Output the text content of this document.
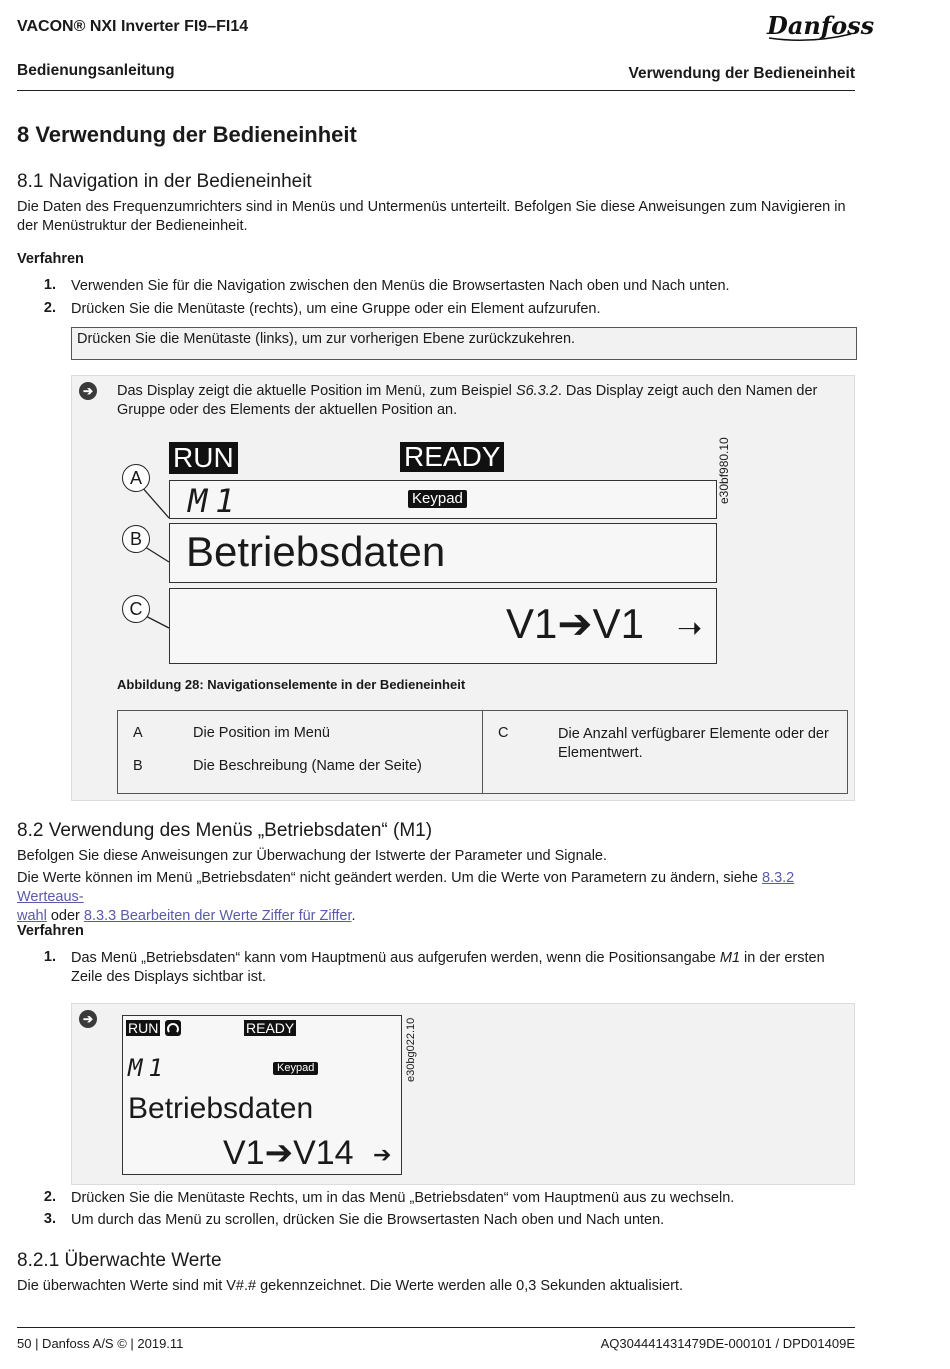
VACON® NXI Inverter FI9–FI14	Danfoss
Bedienungsanleitung	Verwendung der Bedieneinheit
8 Verwendung der Bedieneinheit
8.1 Navigation in der Bedieneinheit

Die Daten des Frequenzumrichters sind in Menüs und Untermenüs unterteilt. Befolgen Sie diese Anweisungen zum Navigieren in der Menüstruktur der Bedieneinheit.

Verfahren
1. Verwenden Sie für die Navigation zwischen den Menüs die Browsertasten Nach oben und Nach unten.
2. Drücken Sie die Menütaste (rechts), um eine Gruppe oder ein Element aufzurufen.
Drücken Sie die Menütaste (links), um zur vorherigen Ebene zurückzukehren.
➔ Das Display zeigt die aktuelle Position im Menü, zum Beispiel S6.3.2. Das Display zeigt auch den Namen der Gruppe oder des Elements der aktuellen Position an.
RUN	READY	e30bf980.10
M1	Keypad
Betriebsdaten
V1➔V1 ➝
A
B
C
Abbildung 28: Navigationselemente in der Bedieneinheit
A	Die Position im Menü
B	Die Beschreibung (Name der Seite)

C	Die Anzahl verfügbarer Elemente oder der Elementwert.
8.2 Verwendung des Menüs „Betriebsdaten“ (M1)

Befolgen Sie diese Anweisungen zur Überwachung der Istwerte der Parameter und Signale.

Die Werte können im Menü „Betriebsdaten“ nicht geändert werden. Um die Werte von Parametern zu ändern, siehe 8.3.2 Werteaus-
wahl oder 8.3.3 Bearbeiten der Werte Ziffer für Ziffer.

Verfahren
1. Das Menü „Betriebsdaten“ kann vom Hauptmenü aus aufgerufen werden, wenn die Positionsangabe M1 in der ersten Zeile des Displays sichtbar ist.
➔
RUN	READY
M1	Keypad
Betriebsdaten
V1➔V14 ➔
e30bg022.10
2. Drücken Sie die Menütaste Rechts, um in das Menü „Betriebsdaten“ vom Hauptmenü aus zu wechseln.
3. Um durch das Menü zu scrollen, drücken Sie die Browsertasten Nach oben und Nach unten.
8.2.1 Überwachte Werte

Die überwachten Werte sind mit V#.# gekennzeichnet. Die Werte werden alle 0,3 Sekunden aktualisiert.

50 | Danfoss A/S © | 2019.11	AQ304441431479DE-000101 / DPD01409E
